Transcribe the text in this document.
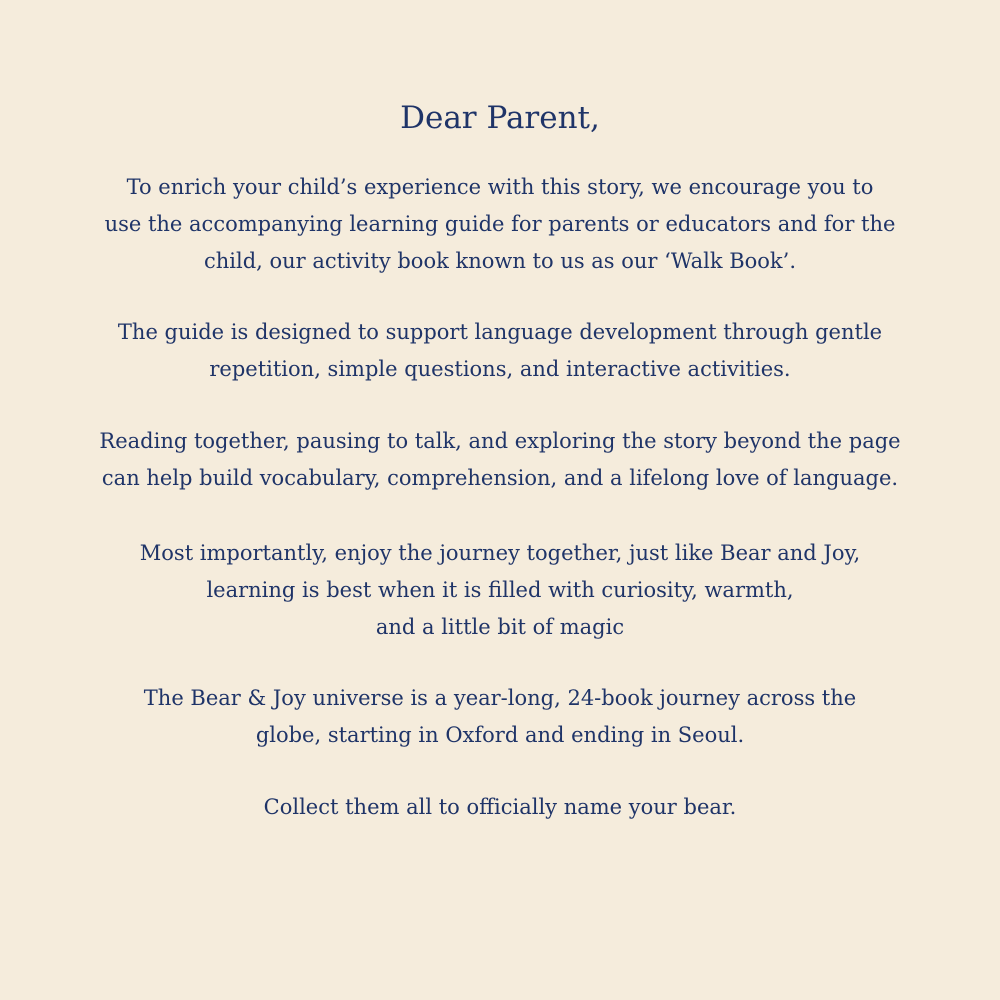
Dear Parent,

To enrich your child’s experience with this story, we encourage you to
use the accompanying learning guide for parents or educators and for the
child, our activity book known to us as our ‘Walk Book’.

The guide is designed to support language development through gentle
repetition, simple questions, and interactive activities.

Reading together, pausing to talk, and exploring the story beyond the page
can help build vocabulary, comprehension, and a lifelong love of language.

Most importantly, enjoy the journey together, just like Bear and Joy,
learning is best when it is filled with curiosity, warmth,
and a little bit of magic

The Bear & Joy universe is a year-long, 24-book journey across the
globe, starting in Oxford and ending in Seoul.

Collect them all to officially name your bear.
